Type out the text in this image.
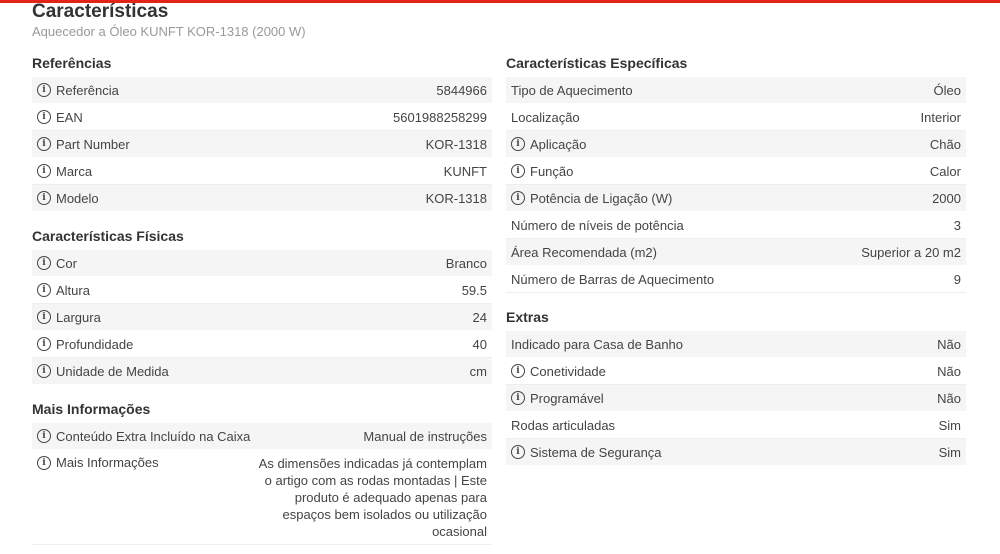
Características
Aquecedor a Óleo KUNFT KOR-1318 (2000 W)
Referências
i Referência	5844966
i EAN	5601988258299
i Part Number	KOR-1318
i Marca	KUNFT
i Modelo	KOR-1318
Características Físicas
i Cor	Branco
i Altura	59.5
i Largura	24
i Profundidade	40
i Unidade de Medida	cm
Mais Informações
i Conteúdo Extra Incluído na Caixa	Manual de instruções
i Mais Informações	As dimensões indicadas já contemplam o artigo com as rodas montadas | Este produto é adequado apenas para espaços bem isolados ou utilização ocasional
Características Específicas
Tipo de Aquecimento	Óleo
Localização	Interior
i Aplicação	Chão
i Função	Calor
i Potência de Ligação (W)	2000
Número de níveis de potência	3
Área Recomendada (m2)	Superior a 20 m2
Número de Barras de Aquecimento	9
Extras
Indicado para Casa de Banho	Não
i Conetividade	Não
i Programável	Não
Rodas articuladas	Sim
i Sistema de Segurança	Sim
